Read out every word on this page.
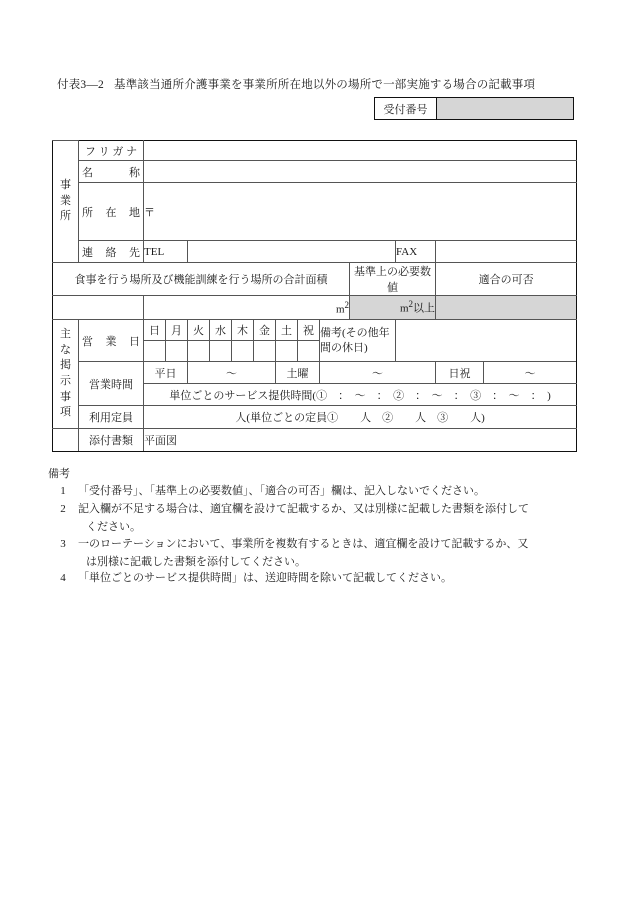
付表3—2 基準該当通所介護事業を事業所所在地以外の場所で一部実施する場合の記載事項
受付番号
事
業
所	フ リ ガ ナ													
	名　　　称													
	所　在　地	〒												
	連　絡　先	TEL										FAX		
食事を行う場所及び機能訓練を行う場所の合計面積											基準上の必要数値		適合の可否	
		$m^2$									$m^2$以上			

主
な
掲
示
事
項
	営　業　日	日	月	火	水	木	金	土	祝	備考(その他年間の休日)	

	営業時間	平日		～				土曜		～			日祝	～
		単位ごとのサービス提供時間(①　：　～　：　②　：　～　：　③　：　～　：　)												
	利用定員	人(単位ごとの定員①　　人　②　　人　③　　人)												
	添付書類	平面図												
備考
1	「受付番号」、「基準上の必要数値」、「適合の可否」欄は、記入しないでください。
2	記入欄が不足する場合は、適宜欄を設けて記載するか、又は別様に記載した書類を添付して
ください。
3	一のローテーションにおいて、事業所を複数有するときは、適宜欄を設けて記載するか、又
は別様に記載した書類を添付してください。
4	「単位ごとのサービス提供時間」は、送迎時間を除いて記載してください。
